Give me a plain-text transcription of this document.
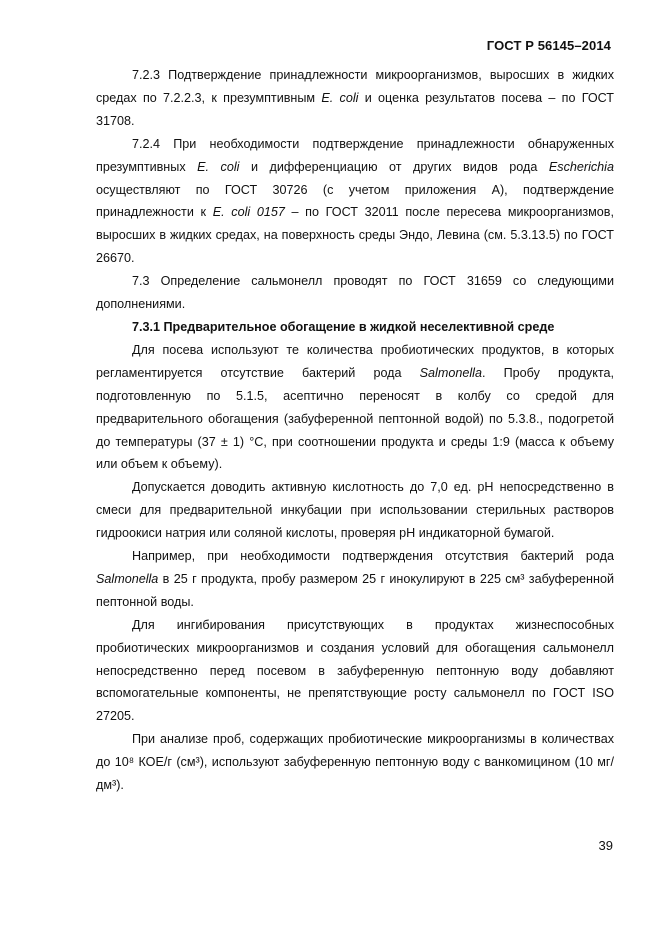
ГОСТ Р 56145–2014

7.2.3 Подтверждение принадлежности микроорганизмов, выросших в жидких средах по 7.2.2.3, к презумптивным E. coli и оценка результатов посева – по ГОСТ 31708.

7.2.4 При необходимости подтверждение принадлежности обнаруженных презумптивных E. coli и дифференциацию от других видов рода Escherichia осуществляют по ГОСТ 30726 (с учетом приложения А), подтверждение принадлежности к E. coli 0157 – по ГОСТ 32011 после пересева микроорганизмов, выросших в жидких средах, на поверхность среды Эндо, Левина (см. 5.3.13.5) по ГОСТ 26670.

7.3 Определение сальмонелл проводят по ГОСТ 31659 со следующими дополнениями.

7.3.1 Предварительное обогащение в жидкой неселективной среде

Для посева используют те количества пробиотических продуктов, в которых регламентируется отсутствие бактерий рода Salmonella. Пробу продукта, подготовленную по 5.1.5, асептично переносят в колбу со средой для предварительного обогащения (забуференной пептонной водой) по 5.3.8., подогретой до температуры (37 ± 1) °С, при соотношении продукта и среды 1:9 (масса к объему или объем к объему).

Допускается доводить активную кислотность до 7,0 ед. рН непосредственно в смеси для предварительной инкубации при использовании стерильных растворов гидроокиси натрия или соляной кислоты, проверяя рН индикаторной бумагой.

Например, при необходимости подтверждения отсутствия бактерий рода Salmonella в 25 г продукта, пробу размером 25 г инокулируют в 225 см³ забуференной пептонной воды.

Для ингибирования присутствующих в продуктах жизнеспособных пробиотических микроорганизмов и создания условий для обогащения сальмонелл непосредственно перед посевом в забуференную пептонную воду добавляют вспомогательные компоненты, не препятствующие росту сальмонелл по ГОСТ ISO 27205.

При анализе проб, содержащих пробиотические микроорганизмы в количествах до 10⁸ КОЕ/г (см³), используют забуференную пептонную воду с ванкомицином (10 мг/дм³).

39
